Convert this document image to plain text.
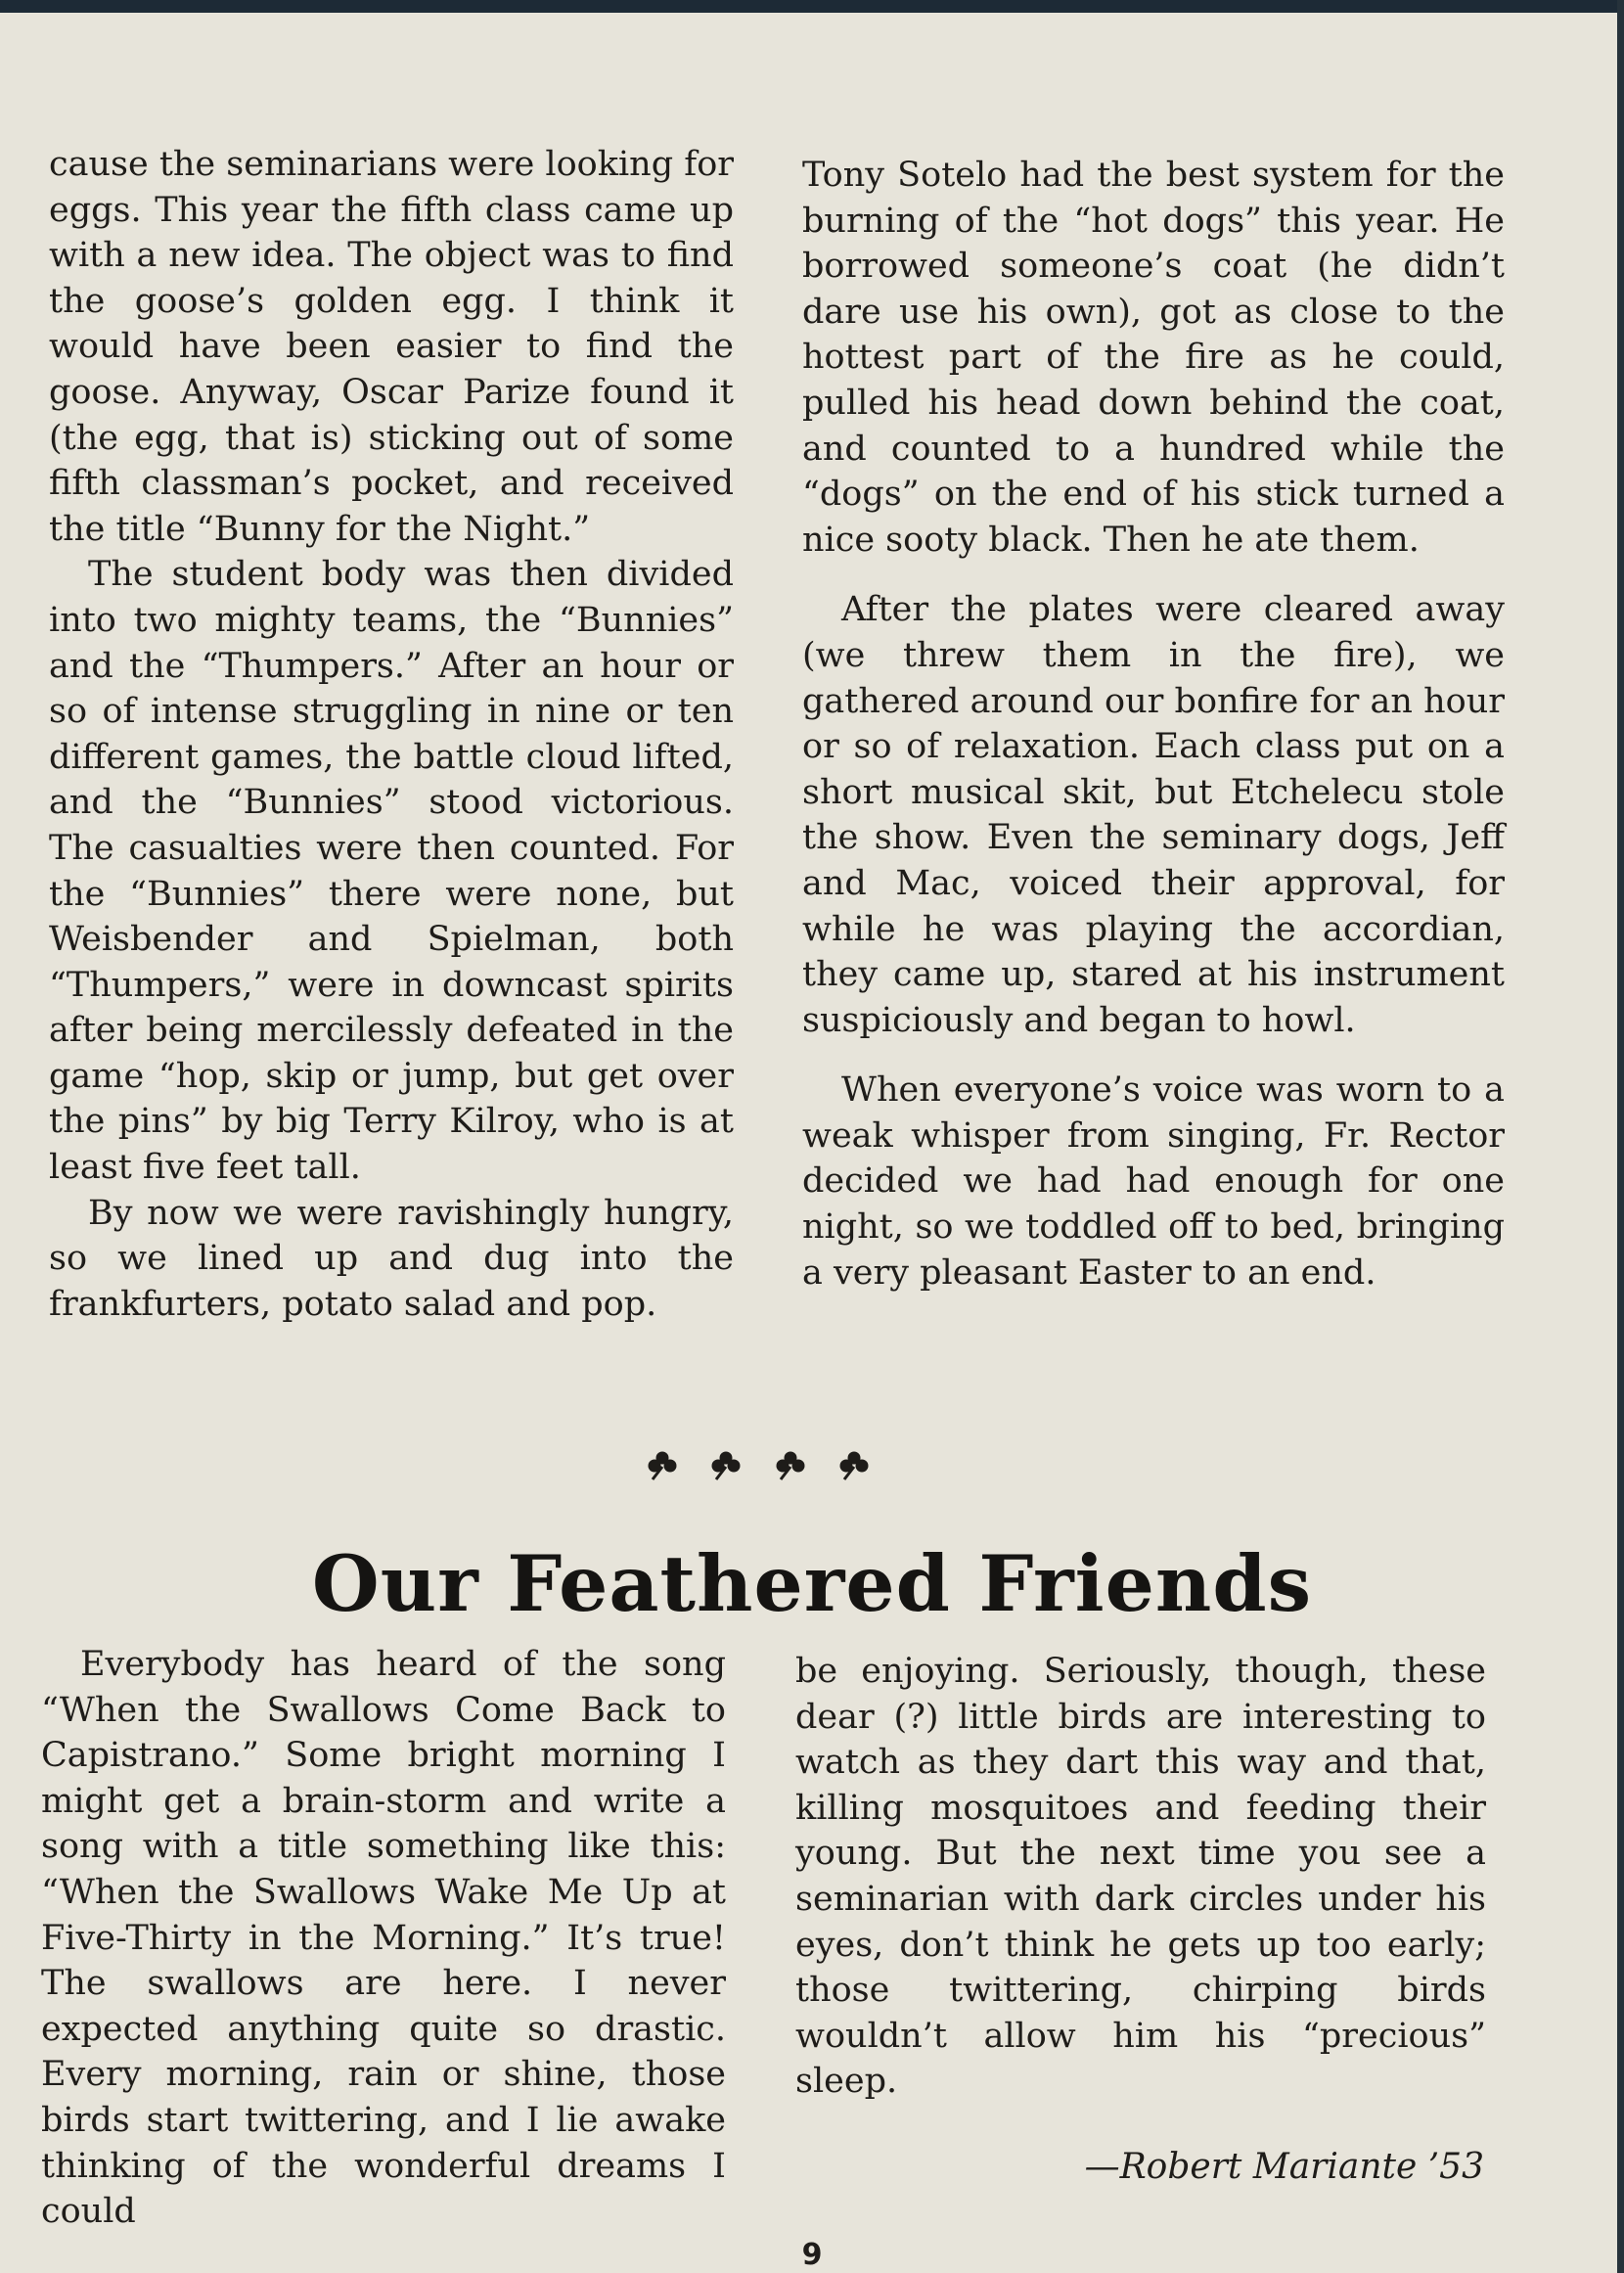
cause the seminarians were looking for eggs. This year the fifth class came up with a new idea. The object was to find the goose’s golden egg. I think it would have been easier to find the goose. Anyway, Oscar Parize found it (the egg, that is) sticking out of some fifth classman’s pocket, and received the title “Bunny for the Night.”

The student body was then divided into two mighty teams, the “Bunnies” and the “Thumpers.” After an hour or so of intense struggling in nine or ten different games, the battle cloud lifted, and the “Bunnies” stood victorious. The casualties were then counted. For the “Bunnies” there were none, but Weisbender and Spielman, both “Thumpers,” were in downcast spirits after being mercilessly defeated in the game “hop, skip or jump, but get over the pins” by big Terry Kilroy, who is at least five feet tall.

By now we were ravishingly hungry, so we lined up and dug into the frankfurters, potato salad and pop.

Tony Sotelo had the best system for the burning of the “hot dogs” this year. He borrowed someone’s coat (he didn’t dare use his own), got as close to the hottest part of the fire as he could, pulled his head down behind the coat, and counted to a hundred while the “dogs” on the end of his stick turned a nice sooty black. Then he ate them.

After the plates were cleared away (we threw them in the fire), we gathered around our bonfire for an hour or so of relaxation. Each class put on a short musical skit, but Etchelecu stole the show. Even the seminary dogs, Jeff and Mac, voiced their approval, for while he was playing the accordian, they came up, stared at his instrument suspiciously and began to howl.

When everyone’s voice was worn to a weak whisper from singing, Fr. Rector decided we had had enough for one night, so we toddled off to bed, bringing a very pleasant Easter to an end.

Our Feathered Friends

Everybody has heard of the song “When the Swallows Come Back to Capistrano.” Some bright morning I might get a brain-storm and write a song with a title something like this: “When the Swallows Wake Me Up at Five-Thirty in the Morning.” It’s true! The swallows are here. I never expected anything quite so drastic. Every morning, rain or shine, those birds start twittering, and I lie awake thinking of the wonderful dreams I could

be enjoying. Seriously, though, these dear (?) little birds are interesting to watch as they dart this way and that, killing mosquitoes and feeding their young. But the next time you see a seminarian with dark circles under his eyes, don’t think he gets up too early; those twittering, chirping birds wouldn’t allow him his “precious” sleep.

—Robert Mariante ’53
9
